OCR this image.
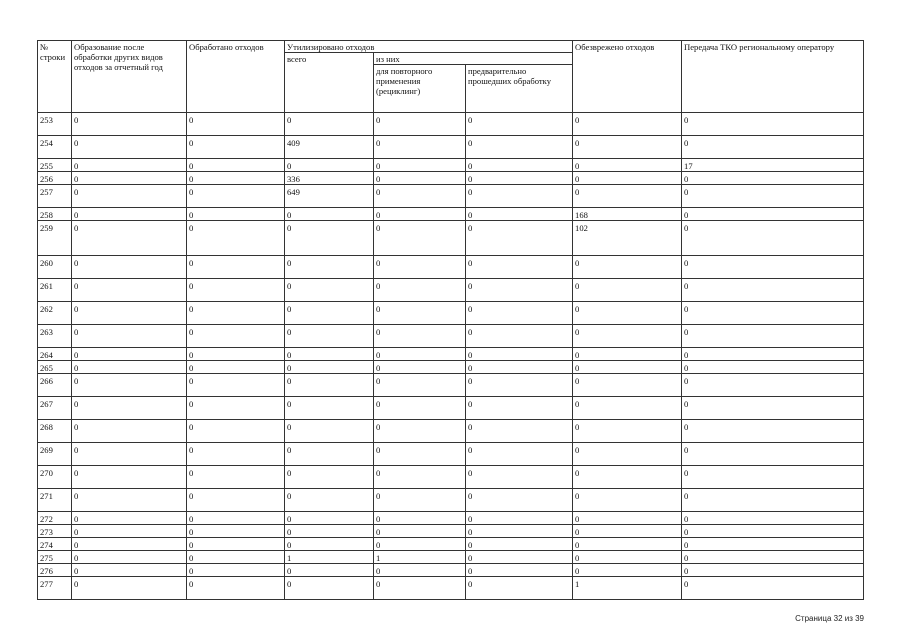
№ строки	Образование после обработки других видов отходов за отчетный год	Обработано отходов	Утилизировано отходов			Обезврежено отходов	Передача ТКО региональному оператору
			всего	из них			
				для повторного применения (рециклинг)	предварительно прошедших обработку		
253	0	0	0	0	0	0	0
254	0	0	409	0	0	0	0
255	0	0	0	0	0	0	17
256	0	0	336	0	0	0	0
257	0	0	649	0	0	0	0
258	0	0	0	0	0	168	0
259	0	0	0	0	0	102	0
260	0	0	0	0	0	0	0
261	0	0	0	0	0	0	0
262	0	0	0	0	0	0	0
263	0	0	0	0	0	0	0
264	0	0	0	0	0	0	0
265	0	0	0	0	0	0	0
266	0	0	0	0	0	0	0
267	0	0	0	0	0	0	0
268	0	0	0	0	0	0	0
269	0	0	0	0	0	0	0
270	0	0	0	0	0	0	0
271	0	0	0	0	0	0	0
272	0	0	0	0	0	0	0
273	0	0	0	0	0	0	0
274	0	0	0	0	0	0	0
275	0	0	1	1	0	0	0
276	0	0	0	0	0	0	0
277	0	0	0	0	0	1	0
Страница 32 из 39
